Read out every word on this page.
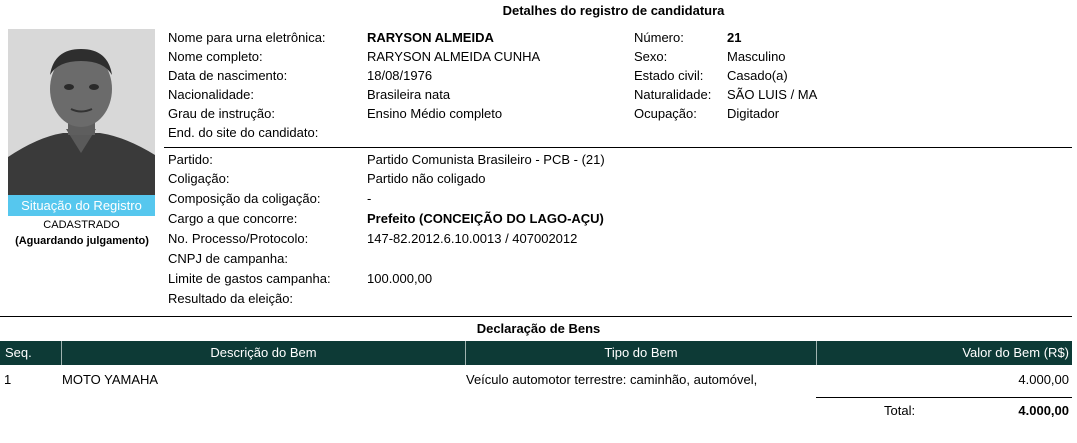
Detalhes do registro de candidatura
Situação do Registro
CADASTRADO
(Aguardando julgamento)
Nome para urna eletrônica:	RARYSON ALMEIDA
Nome completo:	RARYSON ALMEIDA CUNHA
Data de nascimento:	18/08/1976
Nacionalidade:	Brasileira nata
Grau de instrução:	Ensino Médio completo
End. do site do candidato:
Número:	21
Sexo:	Masculino
Estado civil: Casado(a)
Naturalidade: SÃO LUIS / MA
Ocupação: Digitador
Partido:	Partido Comunista Brasileiro - PCB - (21)
Coligação:	Partido não coligado
Composição da coligação:	-
Cargo a que concorre:	Prefeito (CONCEIÇÃO DO LAGO-AÇU)
No. Processo/Protocolo:	147-82.2012.6.10.0013 / 407002012
CNPJ de campanha:
Limite de gastos campanha:	100.000,00
Resultado da eleição:
Declaração de Bens
Seq.	Descrição do Bem	Tipo do Bem	Valor do Bem (R$)
1	MOTO YAMAHA	Veículo automotor terrestre: caminhão, automóvel,	4.000,00
Total:	4.000,00
